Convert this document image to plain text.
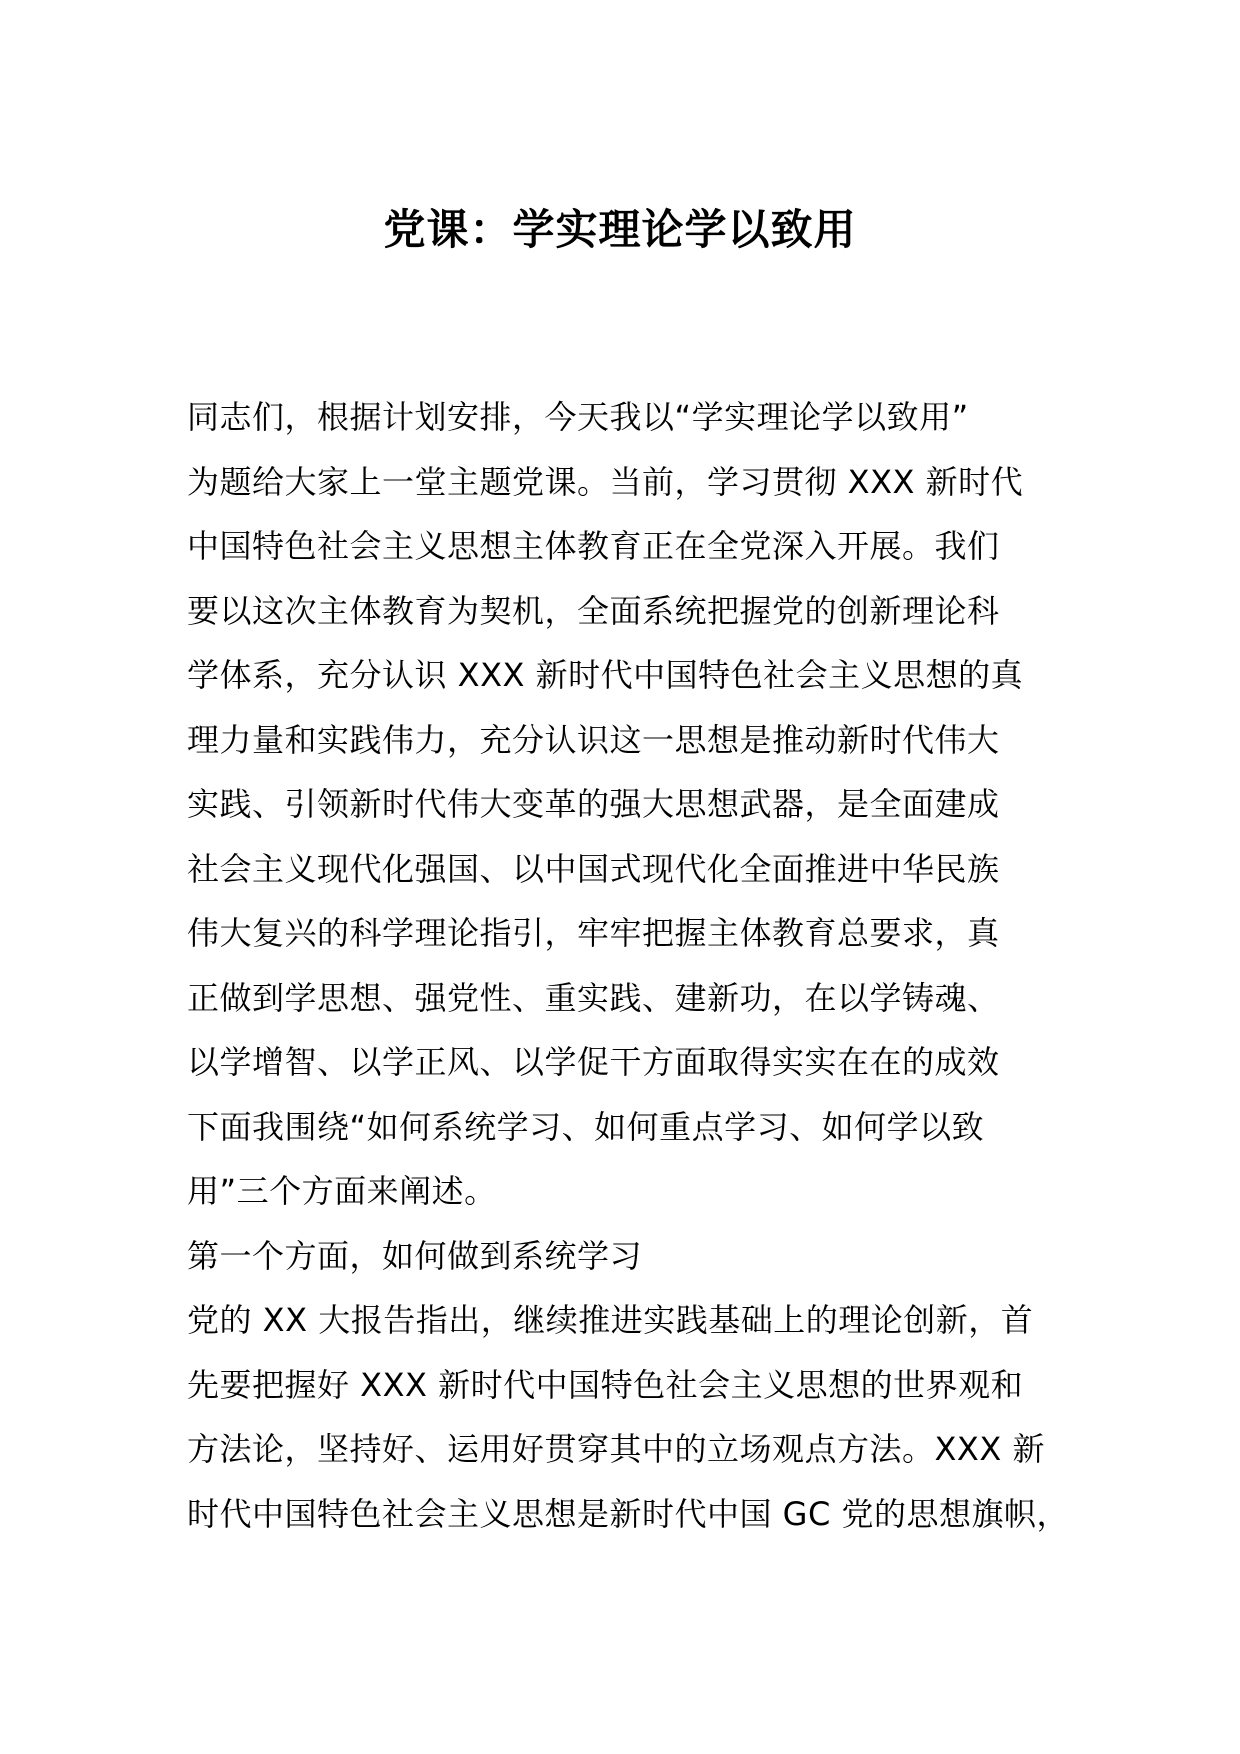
党课：学实理论学以致用
同志们，根据计划安排，今天我以“学实理论学以致用”
为题给大家上一堂主题党课。当前，学习贯彻 XXX 新时代
中国特色社会主义思想主体教育正在全党深入开展。我们
要以这次主体教育为契机，全面系统把握党的创新理论科
学体系，充分认识 XXX 新时代中国特色社会主义思想的真
理力量和实践伟力，充分认识这一思想是推动新时代伟大
实践、引领新时代伟大变革的强大思想武器，是全面建成
社会主义现代化强国、以中国式现代化全面推进中华民族
伟大复兴的科学理论指引，牢牢把握主体教育总要求，真
正做到学思想、强党性、重实践、建新功，在以学铸魂、
以学增智、以学正风、以学促干方面取得实实在在的成效
下面我围绕“如何系统学习、如何重点学习、如何学以致
用”三个方面来阐述。
第一个方面，如何做到系统学习
党的 XX 大报告指出，继续推进实践基础上的理论创新，首
先要把握好 XXX 新时代中国特色社会主义思想的世界观和
方法论，坚持好、运用好贯穿其中的立场观点方法。XXX 新
时代中国特色社会主义思想是新时代中国 GC 党的思想旗帜，
